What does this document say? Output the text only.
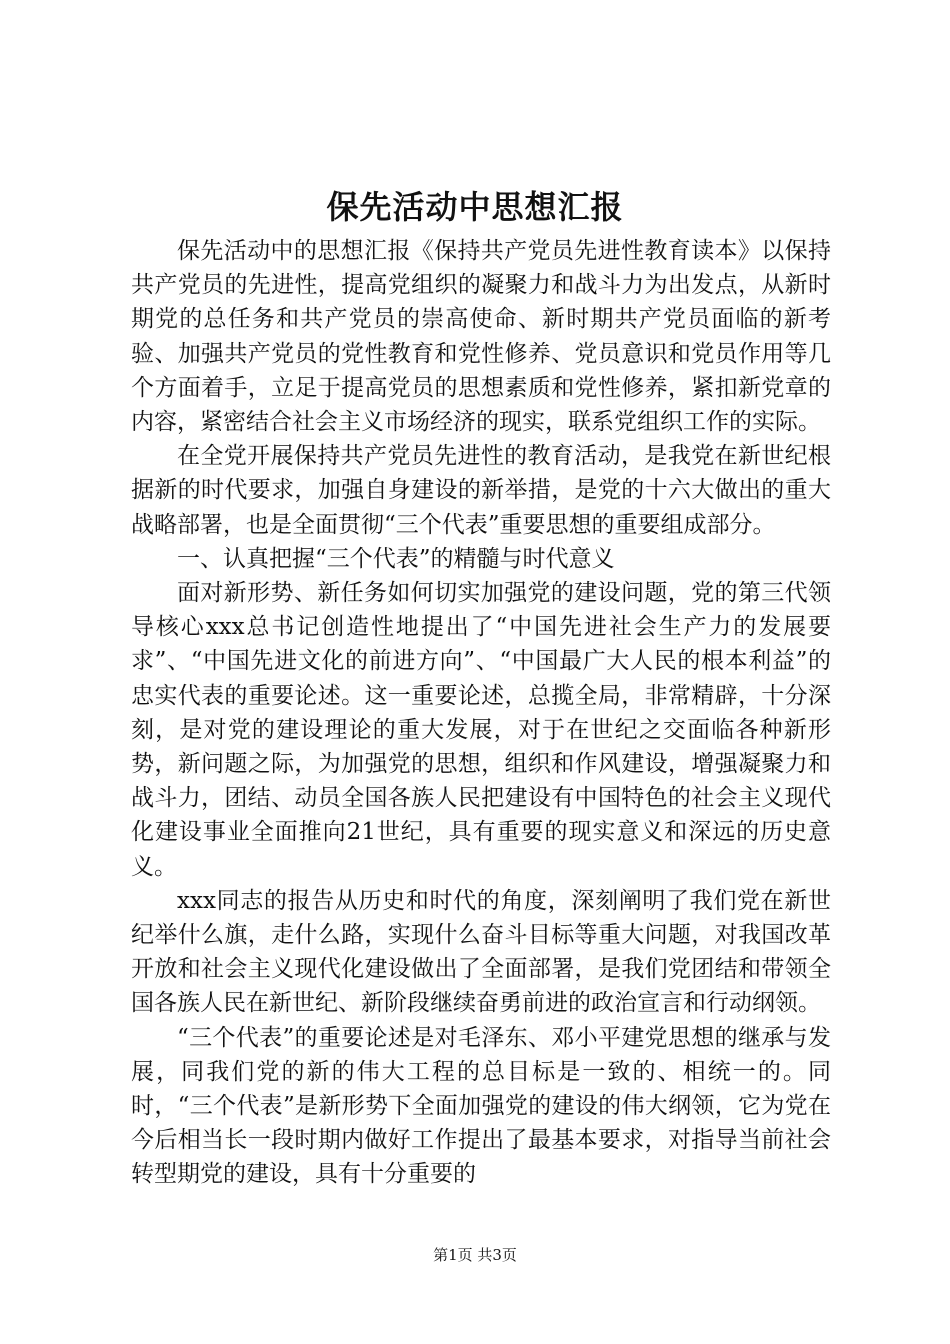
保先活动中思想汇报

保先活动中的思想汇报《保持共产党员先进性教育读本》以保持共产党员的先进性，提高党组织的凝聚力和战斗力为出发点，从新时期党的总任务和共产党员的崇高使命、新时期共产党员面临的新考验、加强共产党员的党性教育和党性修养、党员意识和党员作用等几个方面着手，立足于提高党员的思想素质和党性修养，紧扣新党章的内容，紧密结合社会主义市场经济的现实，联系党组织工作的实际。

在全党开展保持共产党员先进性的教育活动，是我党在新世纪根据新的时代要求，加强自身建设的新举措，是党的十六大做出的重大战略部署，也是全面贯彻“三个代表”重要思想的重要组成部分。

一、认真把握“三个代表”的精髓与时代意义

面对新形势、新任务如何切实加强党的建设问题，党的第三代领导核心xxx总书记创造性地提出了“中国先进社会生产力的发展要求”、“中国先进文化的前进方向”、“中国最广大人民的根本利益”的忠实代表的重要论述。这一重要论述，总揽全局，非常精辟，十分深刻，是对党的建设理论的重大发展，对于在世纪之交面临各种新形势，新问题之际，为加强党的思想，组织和作风建设，增强凝聚力和战斗力，团结、动员全国各族人民把建设有中国特色的社会主义现代化建设事业全面推向21世纪，具有重要的现实意义和深远的历史意义。

xxx同志的报告从历史和时代的角度，深刻阐明了我们党在新世纪举什么旗，走什么路，实现什么奋斗目标等重大问题，对我国改革开放和社会主义现代化建设做出了全面部署，是我们党团结和带领全国各族人民在新世纪、新阶段继续奋勇前进的政治宣言和行动纲领。

“三个代表”的重要论述是对毛泽东、邓小平建党思想的继承与发展，同我们党的新的伟大工程的总目标是一致的、相统一的。同时，“三个代表”是新形势下全面加强党的建设的伟大纲领，它为党在今后相当长一段时期内做好工作提出了最基本要求，对指导当前社会转型期党的建设，具有十分重要的

第1页 共3页
